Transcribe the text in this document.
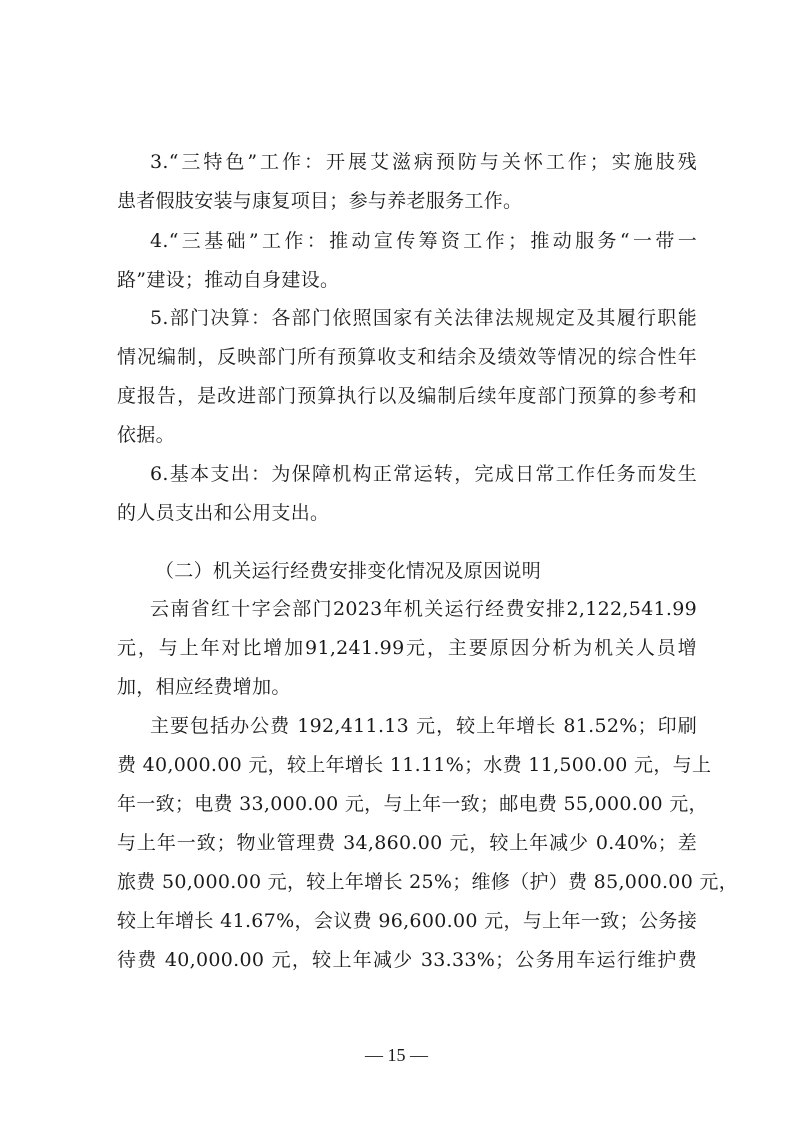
3.“三特色”工作：开展艾滋病预防与关怀工作；实施肢残

患者假肢安装与康复项目；参与养老服务工作。

4.“三基础”工作：推动宣传筹资工作；推动服务“一带一

路”建设；推动自身建设。

5.部门决算：各部门依照国家有关法律法规规定及其履行职能

情况编制，反映部门所有预算收支和结余及绩效等情况的综合性年

度报告，是改进部门预算执行以及编制后续年度部门预算的参考和

依据。

6.基本支出：为保障机构正常运转，完成日常工作任务而发生

的人员支出和公用支出。

（二）机关运行经费安排变化情况及原因说明

云南省红十字会部门2023年机关运行经费安排2,122,541.99

元，与上年对比增加91,241.99元，主要原因分析为机关人员增

加，相应经费增加。

主要包括办公费 192,411.13 元，较上年增长 81.52%；印刷

费 40,000.00 元，较上年增长 11.11%；水费 11,500.00 元，与上

年一致；电费 33,000.00 元，与上年一致；邮电费 55,000.00 元，

与上年一致；物业管理费 34,860.00 元，较上年减少 0.40%；差

旅费 50,000.00 元，较上年增长 25%；维修（护）费 85,000.00 元，

较上年增长 41.67%，会议费 96,600.00 元，与上年一致；公务接

待费 40,000.00 元，较上年减少 33.33%；公务用车运行维护费

— 15 —
